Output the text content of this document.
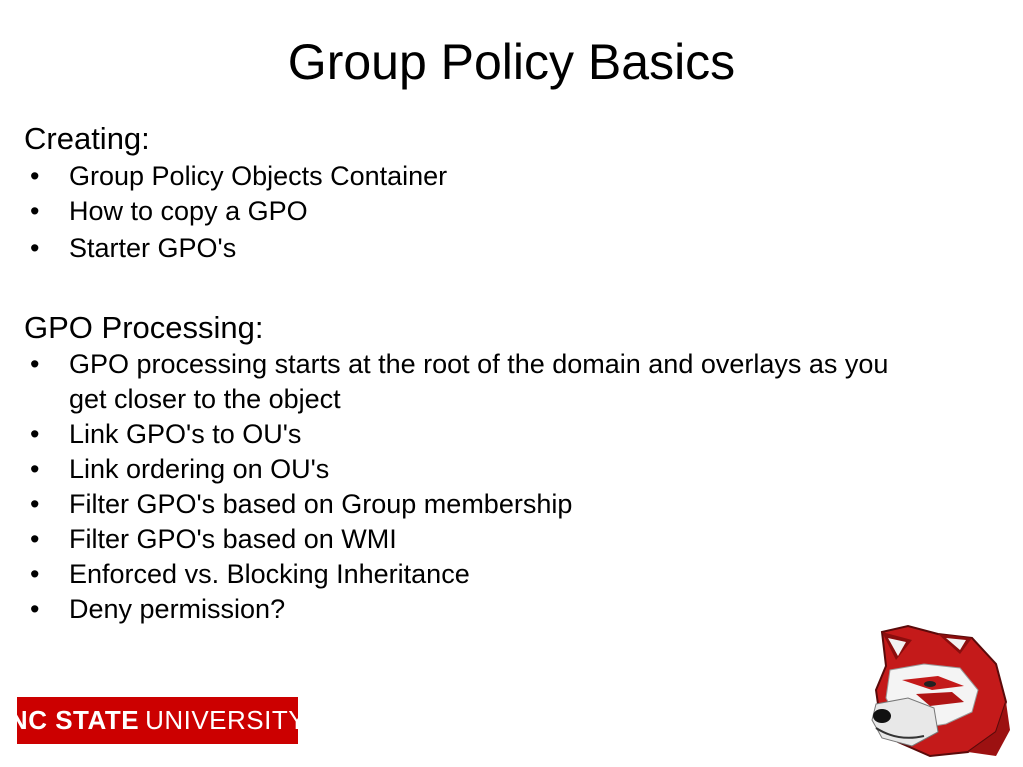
Group Policy Basics
Creating:
• Group Policy Objects Container
• How to copy a GPO
• Starter GPO's
GPO Processing:
• GPO processing starts at the root of the domain and overlays as you get closer to the object
• Link GPO's to OU's
• Link ordering on OU's
• Filter GPO's based on Group membership
• Filter GPO's based on WMI
• Enforced vs. Blocking Inheritance
• Deny permission?
NC STATE UNIVERSITY
